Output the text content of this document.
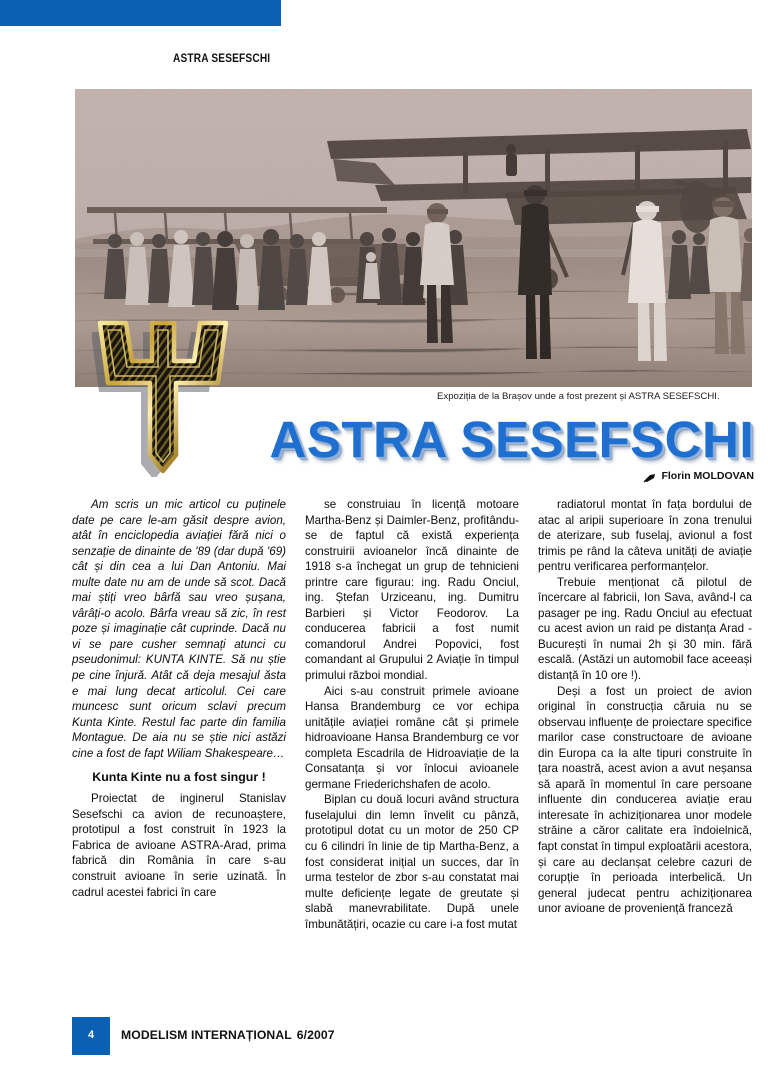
ASTRA SESEFSCHI
Expoziția de la Brașov unde a fost prezent și ASTRA SESEFSCHI.
ASTRA SESEFSCHI
Florin MOLDOVAN

Am scris un mic articol cu puținele date pe care le-am găsit despre avion, atât în enciclopedia aviației fără nici o senzație de dinainte de '89 (dar după '69) cât și din cea a lui Dan Antoniu. Mai multe date nu am de unde să scot. Dacă mai știți vreo bârfă sau vreo șușana, vârâți-o acolo. Bârfa vreau să zic, în rest poze și imaginație cât cuprinde. Dacă nu vi se pare cusher semnați atunci cu pseudonimul: KUNTA KINTE. Să nu știe pe cine înjură. Atât că deja mesajul ăsta e mai lung decat articolul. Cei care muncesc sunt oricum sclavi precum Kunta Kinte. Restul fac parte din familia Montague. De aia nu se știe nici astăzi cine a fost de fapt Wiliam Shakespeare…

Kunta Kinte nu a fost singur !

Proiectat de inginerul Stanislav Sesefschi ca avion de recunoaștere, prototipul a fost construit în 1923 la Fabrica de avioane ASTRA-Arad, prima fabrică din România în care s-au construit avioane în serie uzinată. În cadrul acestei fabrici în care

se construiau în licență motoare Martha-Benz și Daimler-Benz, profitându-se de faptul că există experiența construirii avioanelor încă dinainte de 1918 s-a închegat un grup de tehnicieni printre care figurau: ing. Radu Onciul, ing. Ștefan Urziceanu, ing. Dumitru Barbieri și Victor Feodorov. La conducerea fabricii a fost numit comandorul Andrei Popovici, fost comandant al Grupului 2 Aviație în timpul primului război mondial.

Aici s-au construit primele avioane Hansa Brandemburg ce vor echipa unitățile aviației române cât și primele hidroavioane Hansa Brandemburg ce vor completa Escadrila de Hidroaviație de la Consatanța și vor înlocui avioanele germane Friederichshafen de acolo.

Biplan cu două locuri având structura fuselajului din lemn învelit cu pânză, prototipul dotat cu un motor de 250 CP cu 6 cilindri în linie de tip Martha-Benz, a fost considerat inițial un succes, dar în urma testelor de zbor s-au constatat mai multe deficiențe legate de greutate și slabă manevrabilitate. După unele îmbunătățiri, ocazie cu care i-a fost mutat

radiatorul montat în fața bordului de atac al aripii superioare în zona trenului de aterizare, sub fuselaj, avionul a fost trimis pe rând la câteva unități de aviație pentru verificarea performanțelor.

Trebuie menționat că pilotul de încercare al fabricii, Ion Sava, având-l ca pasager pe ing. Radu Onciul au efectuat cu acest avion un raid pe distanța Arad - București în numai 2h și 30 min. fără escală. (Astăzi un automobil face aceeași distanță în 10 ore !).

Deși a fost un proiect de avion original în construcția căruia nu se observau influențe de proiectare specifice marilor case constructoare de avioane din Europa ca la alte tipuri construite în țara noastră, acest avion a avut neșansa să apară în momentul în care persoane influente din conducerea aviație erau interesate în achiziționarea unor modele străine a căror calitate era îndoielnică, fapt constat în timpul exploatării acestora, și care au declanșat celebre cazuri de corupție în perioada interbelică. Un general judecat pentru achiziționarea unor avioane de proveniență franceză

4	MODELISM INTERNAȚIONAL 6/2007
